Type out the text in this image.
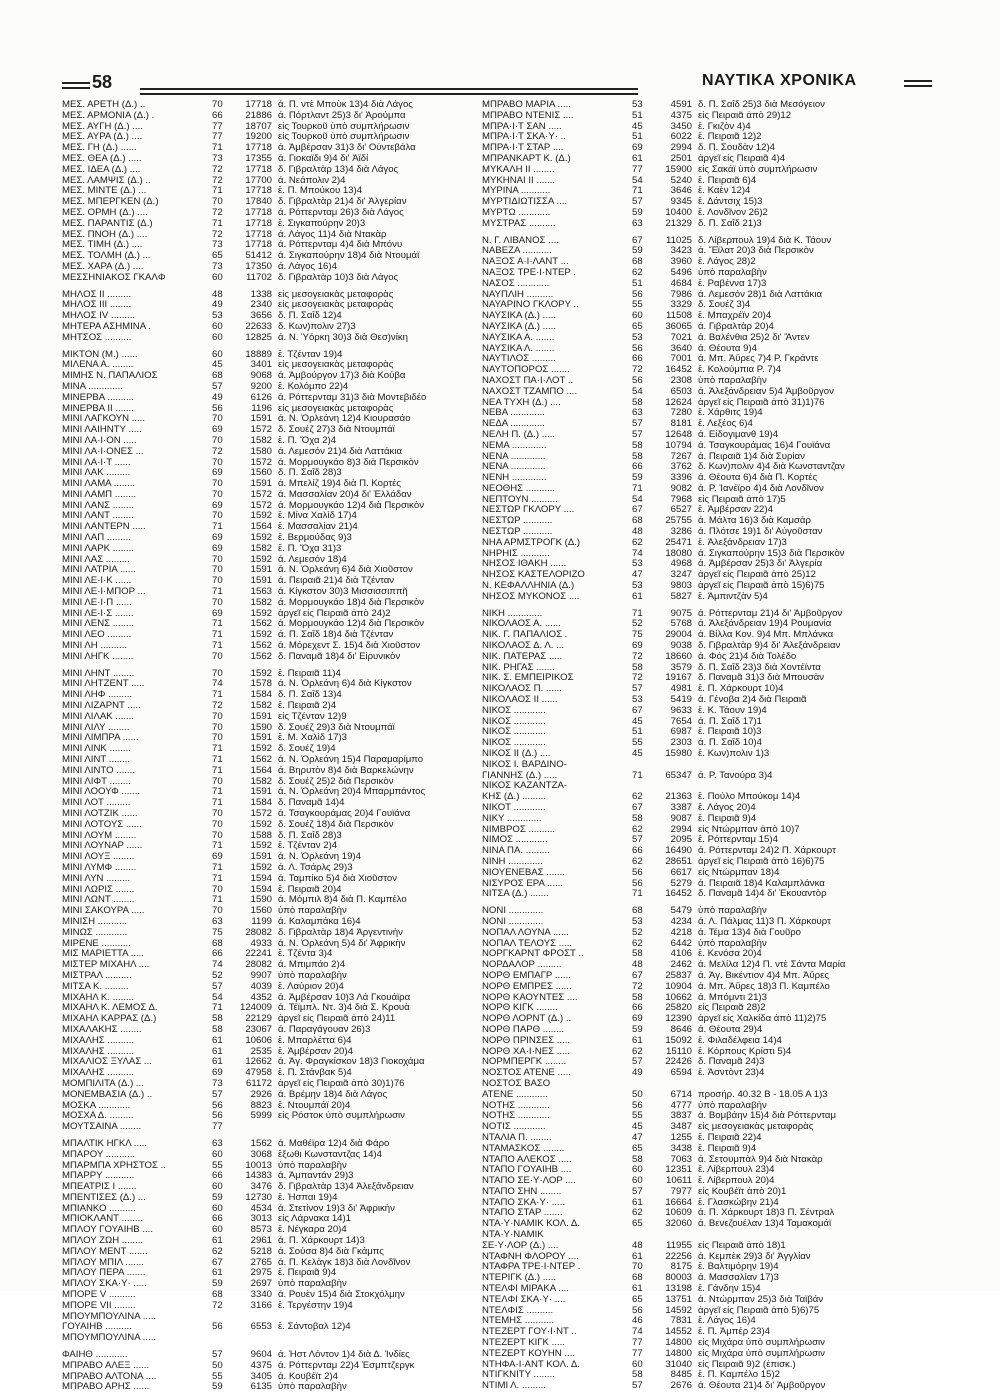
58	ΝΑΥΤΙΚΑ ΧΡΟΝΙΚΑ
ΜΕΣ. ΑΡΕΤΗ (Δ.) ..	70	17718 ά. Π. ντὲ Μποὺκ 13)4 διὰ Λάγος
ΜΕΣ. ΑΡΜΟΝΙΑ (Δ.) .	66	21886 ά. Πόρτλαντ 25)3 δι' Ἀρούμπα
ΜΕΣ. ΑΥΓΗ (Δ.) ....	77	18707 εἰς Τουρκοῦ ὑπὸ συμπλήρωσιν
ΜΕΣ. ΑΥΡΑ (Δ.) ....	77	19200 εἰς Τουρκοῦ ὑπὸ συμπλήρωσιν
ΜΕΣ. ΓΗ (Δ.) ......	71	17718 ά. Ἀμβέρσαν 31)3 δι' Οὐντεβάλα
ΜΕΣ. ΘΕΑ (Δ.) .....	73	17355 ά. Γιοκαϊδι 9)4 δι' Ἀϊδί
ΜΕΣ. ΙΔΕΑ (Δ.) ....	72	17718 δ. Γιβραλτὰρ 13)4 διὰ Λάγος
ΜΕΣ. ΛΑΜΨΙΣ (Δ.) ..	72	17700 ά. Νεάπολιν 2)4
ΜΕΣ. ΜΙΝΤΕ (Δ.) ...	71	17718 ἔ. Π. Μπούκου 13)4
ΜΕΣ. ΜΠΕΡΓΚΕΝ (Δ.)	70	17840 δ. Γιβραλτὰρ 21)4 δι' Ἀλγερίαν
ΜΕΣ. ΟΡΜΗ (Δ.) ....	72	17718 ά. Ρόττερνταμ 26)3 διὰ Λάγος
ΜΕΣ. ΠΑΡΑΝΤΙΣ (Δ.)	71	17718 ἔ. Σιγκαπούρην 20)3
ΜΕΣ. ΠΝΟΗ (Δ.) ....	72	17718 ά. Λάγος 11)4 διὰ Ντακὰρ
ΜΕΣ. ΤΙΜΗ (Δ.) ....	73	17718 ά. Ρόττερνταμ 4)4 διὰ Μπόνυ
ΜΕΣ. ΤΟΛΜΗ (Δ.) ...	65	51412 ά. Σιγκαπούρην 18)4 διὰ Ντουμάϊ
ΜΕΣ. ΧΑΡΑ (Δ.) ....	73	17350 ά. Λάγος 16)4
ΜΕΣΣΗΝΙΑΚΟΣ ΓΚΑΛΦ	60	11702 δ. Γιβραλτὰρ 10)3 διὰ Λάγος
ΜΗΛΟΣ ΙΙ .........	48	1338 εἰς μεσογειακὰς μεταφορὰς
ΜΗΛΟΣ ΙΙΙ ........	49	2340 εἰς μεσογειακὰς μεταφορὰς
ΜΗΛΟΣ ΙV .........	53	3656 δ. Π. Σαΐδ 12)4
ΜΗΤΕΡΑ ΑΣΗΜΙΝΑ .	60	22633 δ. Κων)πολιν 27)3
ΜΗΤΣΟΣ ..........	60	12825 ά. Ν. Ὑόρκη 30)3 διὰ Θεσ)νίκη
ΜΙΚΤΟΝ (Μ.) ......	60	18889 ἔ. Τζένταν 19)4
ΜΙΛΕΝΑ Α. ........	45	3401 εἰς μεσογειακὰς μεταφορὰς
ΜΙΜΗΣ Ν. ΠΑΠΑΛΙΟΣ	68	9068 ά. Ἀμβούργον 17)3 διὰ Κούβα
ΜΙΝΑ .............	57	9200 ἔ. Κολόμπο 22)4
ΜΙΝΕΡΒΑ ..........	49	6126 ά. Ρόττερνταμ 31)3 διὰ Μοντεβιδέο
ΜΙΝΕΡΒΑ ΙΙ .......	56	1196 εἰς μεσογειακὰς μεταφορὰς
ΜΙΝΙ ΛΑΓΚΟΥΝ .....	70	1591 ά. Ν. Ὀρλεάνη 12)4 Κιουρασάο
ΜΙΝΙ ΛΑΙΗΝΤΥ .....	69	1572 δ. Σουέζ 27)3 διὰ Ντουμπάϊ
ΜΙΝΙ ΛΑ·Ι·ΟΝ .....	70	1582 ἔ. Π. Ὄχα 2)4
ΜΙΝΙ ΛΑ·Ι·ΟΝΕΣ ...	72	1580 ά. Λεμεσόν 21)4 διὰ Λαττάκια
ΜΙΝΙ ΛΑ·Ι·Τ ......	70	1572 ά. Μορμουγκάο 8)3 διὰ Περσικὸν
ΜΙΝΙ ΛΑΚ .........	69	1560 δ. Π. Σαΐδ 28)3
ΜΙΝΙ ΛΑΜΑ ........	70	1591 ά. Μπελίζ 19)4 διὰ Π. Κορτές
ΜΙΝΙ ΛΑΜΠ ........	70	1572 ά. Μασσαλίαν 20)4 δι' Ἑλλάδαν
ΜΙΝΙ ΛΑΝΣ ........	69	1572 ά. Μορμουγκάο 12)4 διὰ Περσικὸν
ΜΙΝΙ ΛΑΝΤ ........	70	1592 ἔ. Μίνα Χαλὶδ 17)4
ΜΙΝΙ ΛΑΝΤΕΡΝ .....	71	1564 ἔ. Μασσαλίαν 21)4
ΜΙΝΙ ΛΑΠ .........	69	1592 ἔ. Βερμούδας 9)3
ΜΙΝΙ ΛΑΡΚ ........	69	1582 ἔ. Π. Ὄχα 31)3
ΜΙΝΙ ΛΑΣ .........	70	1592 ά. Λεμεσόν 18)4
ΜΙΝΙ ΛΑΤΡΙΑ ......	70	1591 ά. Ν. Ὀρλεάνη 6)4 διὰ Χιοῦστον
ΜΙΝΙ ΛΕ·Ι·Κ ......	70	1591 ά. Πειραιᾶ 21)4 διὰ Τζένταν
ΜΙΝΙ ΛΕ·Ι·ΜΠΟΡ ...	71	1563 ά. Κίγκστον 30)3 Μισσισσιππῆ
ΜΙΝΙ ΛΕ·Ι·Π ......	70	1582 ά. Μορμουγκάο 18)4 διὰ Περσικὸν
ΜΙΝΙ ΛΕ·Ι·Σ .......	69	1592 ἀργεῖ εἰς Πειραιᾶ ἀπὸ 24)2
ΜΙΝΙ ΛΕΝΣ ........	71	1562 ά. Μορμουγκάο 12)4 διὰ Περσικὸν
ΜΙΝΙ ΛΕΟ .........	71	1592 ά. Π. Σαΐδ 18)4 διὰ Τζένταν
ΜΙΝΙ ΛΗ ..........	71	1562 ά. Μόρεχεντ Σ. 15)4 διὰ Χιοῦστον
ΜΙΝΙ ΛΗΓΚ ........	70	1562 δ. Παναμᾶ 18)4 δι' Εἰρυνικὸν
ΜΙΝΙ ΛΗΝΤ ........	70	1592 ἔ. Πειραιᾶ 11)4
ΜΙΝΙ ΛΗΤΖΕΝΤ .....	74	1578 ά. Ν. Ὀρλεάνη 6)4 διὰ Κίγκστον
ΜΙΝΙ ΛΗΦ .........	71	1584 δ. Π. Σαΐδ 13)4
ΜΙΝΙ ΛΙΖΑΡΝΤ .....	72	1582 ἔ. Πειραιᾶ 2)4
ΜΙΝΙ ΛΙΛΑΚ .......	70	1591 εἰς Τζένταν 12)9
ΜΙΝΙ ΛΙΛΥ ........	70	1590 δ. Σουέζ 29)3 διὰ Ντουμπάϊ
ΜΙΝΙ ΛΙΜΠΡΑ ......	70	1591 ἔ. Μ. Χαλὶδ 17)3
ΜΙΝΙ ΛΙΝΚ ........	71	1592 δ. Σουέζ 19)4
ΜΙΝΙ ΛΙΝΤ ........	71	1562 ά. Ν. Ὀρλεάνη 15)4 Παραμαρίμπο
ΜΙΝΙ ΛΙΝΤΟ .......	71	1564 ά. Βηρυτὸν 8)4 διὰ Βαρκελώνην
ΜΙΝΙ ΛΙΦΤ ........	70	1582 δ. Σουέζ 25)2 διὰ Περσικὸν
ΜΙΝΙ ΛΟΟΥΦ .......	71	1591 ά. Ν. Ὀρλεάνη 20)4 Μπαρμπάντος
ΜΙΝΙ ΛΟΤ .........	71	1584 δ. Παναμᾶ 14)4
ΜΙΝΙ ΛΟΤΖΙΚ ......	70	1572 ά. Τσαγκουράμας 20)4 Γουϊάνα
ΜΙΝΙ ΛΟΤΟΥΣ ......	70	1592 δ. Σουέζ 18)4 διὰ Περσικὸν
ΜΙΝΙ ΛΟΥΜ ........	70	1588 δ. Π. Σαΐδ 28)3
ΜΙΝΙ ΛΟΥΝΑΡ ......	71	1592 ἔ. Τζένταν 2)4
ΜΙΝΙ ΛΟΥΞ ........	69	1591 ά. Ν. Ὀρλεάνη 19)4
ΜΙΝΙ ΛΥΜΦ ........	71	1592 ά. Λ. Τσάρλς 29)3
ΜΙΝΙ ΛΥΝ .........	71	1594 ά. Ταμπίκο 5)4 διὰ Χιοῦστον
ΜΙΝΙ ΛΩΡΙΣ .......	70	1594 ἔ. Πειραιᾶ 20)4
ΜΙΝΙ ΛΩΝΤ ........	71	1590 ά. Μόμπιλ 8)4 διὰ Π. Καμπέλο
ΜΙΝΙ ΣΑΚΟΥΡΑ .....	70	1560 ὑπὸ παραλαβὴν
ΜΙΝΙΣΗ ...........	63	1199 ά. Καλαμπάκα 16)4
ΜΙΝΩΣ ............	75	28082 δ. Γιβραλτὰρ 18)4 Ἀργεντινὴν
ΜΙΡΕΝΕ ...........	68	4933 ά. Ν. Ὀρλεάνη 5)4 δι' Ἀφρικὴν
ΜΙΣ ΜΑΡΙΕΤΤΑ .....	66	22241 ἔ. Τζέντα 3)4
ΜΙΣΤΕΡ ΜΙΧΑΗΛ ....	74	28082 ά. Μπιμπάο 2)4
ΜΙΣΤΡΑΛ ..........	52	9907 ὑπὸ παραλαβὴν
ΜΙΤΣΑ Κ. .........	57	4039 ἔ. Λαύριον 20)4
ΜΙΧΑΗΛ Κ. ........	54	4352 ά. Ἀμβέρσαν 10)3 Λά Γκουάϊρα
ΜΙΧΑΗΛ Κ. ΛΕΜΟΣ Δ.	71	124009 ά. Τέϊμπλ. Ντ. 3)4 διὰ Σ. Κρουὰ
ΜΙΧΑΗΛ ΚΑΡΡΑΣ (Δ.)	58	22129 ἀργεῖ εἰς Πειραιᾶ ἀπὸ 24)11
ΜΙΧΑΛΑΚΗΣ ........	58	23067 ά. Παραγάγουαν 26)3
ΜΙΧΑΛΗΣ ..........	61	10606 ἔ. Μπαρλέττα 6)4
ΜΙΧΑΛΗΣ ..........	61	2535 ἔ. Ἀμβέρσαν 20)4
ΜΙΧΑΛΙΟΣ ΞΥΛΑΣ ...	61	12662 ά. Ἀγ. Φραγκίσκον 18)3 Γιοκοχάμα
ΜΙΧΑΛΗΣ ..........	69	47958 ἔ. Π. Στάνβακ 5)4
ΜΟΜΠΙΛΙΤΑ (Δ.) ...	73	61172 ἀργεῖ εἰς Πειραιᾶ ἀπὸ 30)1)76
ΜΟΝΕΜΒΑΣΙΑ (Δ.) ..	57	2926 ά. Βρέμην 18)4 διὰ Λάγος
ΜΟΣΚΑ ............	56	8823 ἔ. Ντουμπάϊ 20)4
ΜΟΣΧΑ Δ. .........	56	5999 εἰς Ρόστοκ ὑπὸ συμπλήρωσιν
ΜΟΥΤΣΑΙΝΑ ........	77
ΜΠΑΛΤΙΚ ΗΓΚΛ .....	63	1562 ά. Μαθέϊρα 12)4 διὰ Φάρο
ΜΠΑΡΟΥ ...........	60	3068 ἔξωθι Κωνσταντζας 14)4
ΜΠΑΡΜΠΑ ΧΡΗΣΤΟΣ ..	55	10013 ὑπὸ παραλαβὴν
ΜΠΑΡΡΥ ...........	66	14383 ά. Ἀμπαντάν 29)3
ΜΠΕΑΤΡΙΣ Ι .......	60	3476 δ. Γιβραλτὰρ 13)4 Ἀλεξάνδρειαν
ΜΠΕΝΤΙΣΕΣ (Δ.) ...	59	12730 ἔ. Ἠσπαι 19)4
ΜΠΙΑΝΚΟ ..........	60	4534 ά. Στετίνον 19)3 δι' Ἀφρικὴν
ΜΠΙΟΚΛΑΝΤ ........	66	3013 εἰς Λάρνακα 14)1
ΜΠΛΟΥ ΓΟΥΑΙΗΒ ....	60	8573 ἔ. Νέγκαρα 20)4
ΜΠΛΟΥ ΖΩΗ ........	61	2961 ά. Π. Χάρκουρτ 14)3
ΜΠΛΟΥ ΜΕΝΤ .......	62	5218 ά. Σούσα 8)4 διὰ Γκάμπς
ΜΠΛΟΥ ΜΠΙΛ .......	67	2765 ά. Π. Κελὰγκ 18)3 διὰ Λονδῖνον
ΜΠΛΟΥ ΠΕΡΑ .......	61	2975 ἔ. Πειραιᾶ 9)4
ΜΠΛΟΥ ΣΚΑ·Υ· .....	59	2697 ὑπὸ παραλαβὴν
ΜΠΟΡΕ V ..........	68	3340 ά. Ρουὲν 15)4 διὰ Στοκχόλμην
ΜΠΟΡΕ VII ........	72	3166 ἔ. Τεργέστην 19)4
ΜΠΟΥΜΠΟΥΛΙΝΑ .....
ΓΟΥΑΙΗΒ ..........	56	6553 ἔ. Σάντοβαλ 12)4
ΜΠΟΥΜΠΟΥΛΙΝΑ .....
ΦΑΙΗΘ ............	57	9604 ά. Ἠστ Λόντον 1)4 διὰ Δ. Ἰνδίες
ΜΠΡΑΒΟ ΑΛΕΞ ......	50	4375 ά. Ρόττερνταμ 22)4 Ἐσμπτζεργκ
ΜΠΡΑΒΟ ΑΛΤΟΝΑ ....	55	3405 ά. Κουβέϊτ 2)4
ΜΠΡΑΒΟ ΑΡΗΣ ......	59	6135 ὑπὸ παραλαβὴν
ΜΠΡΑΒΟ ΜΑΡΙΑ .....	53	4591 δ. Π. Σαΐδ 25)3 διὰ Μεσόγειον
ΜΠΡΑΒΟ ΝΤΕΝΙΣ ....	51	4375 εἰς Πειραιᾶ ἀπὸ 29)12
ΜΠΡΑ·Ι·Τ ΣΑΝ .....	45	3450 ἔ. Γκιζὸν 4)4
ΜΠΡΑ·Ι·Τ ΣΚΑ·Υ· ..	51	6022 ἔ. Πειραιᾶ 12)2
ΜΠΡΑ·Ι·Τ ΣΤΑΡ ....	69	2994 δ. Π. Σουδὰν 12)4
ΜΠΡΑΝΚΑΡΤ Κ. (Δ.)	61	2501 ἀργεῖ εἰς Πειραιᾶ 4)4
ΜΥΚΑΛΗ ΙΙ ........	77	15900 εἰς Σακάϊ ὑπὸ συμπλήρωσιν
ΜΥΚΗΝΑΙ ΙΙ .......	54	5240 ἔ. Πειραιᾶ 6)4
ΜΥΡΙΝΑ ...........	71	3646 ἔ. Καὲν 12)4
ΜΥΡΤΙΔΙΩΤΙΣΣΑ ....	57	9345 ἔ. Δάντσιχ 15)3
ΜΥΡΤΩ ............	59	10400 ἔ. Λονδῖνον 26)2
ΜΥΣΤΡΑΣ ..........	63	21329 δ. Π. Σαΐδ 21)3
Ν. Γ. ΛΙΒΑΝΟΣ ....	67	11025 δ. Λίβερπουλ 19)4 διὰ Κ. Τάουν
ΝΑΒΕΖΑ ...........	59	3423 ά. Ἔϊλατ 20)3 διὰ Περσικὸν
ΝΑΞΟΣ Α·Ι·ΛΑΝΤ ...	68	3960 ἔ. Λάγος 28)2
ΝΑΞΟΣ ΤΡΕ·Ι·ΝΤΕΡ .	62	5496 ὑπὸ παραλαβὴν
ΝΑΣΟΣ ............	51	4684 ἔ. Ραβέννα 17)3
ΝΑΥΠΛΙΗ ..........	56	7986 ά. Λεμεσόν 28)1 διὰ Λαττάκια
ΝΑΥΑΡΙΝΟ ΓΚΛΟΡΥ ..	55	3329 δ. Σουέζ 3)4
ΝΑΥΣΙΚΑ (Δ.) .....	60	11508 ἔ. Μπαχρέϊν 20)4
ΝΑΥΣΙΚΑ (Δ.) .....	65	36065 ά. Γιβραλτὰρ 20)4
ΝΑΥΣΙΚΑ Α. .......	53	7021 ά. Βαλένθια 25)2 δι' Ἄντεν
ΝΑΥΣΙΚΑ Λ. .......	56	3640 ά. Θέουτα 9)4
ΝΑΥΤΙΛΟΣ .........	66	7001 ά. Μπ. Ἀΰρες 7)4 Ρ. Γκράντε
ΝΑΥΤΟΠΟΡΟΣ .......	72	16452 ἔ. Κολούμπια Ρ. 7)4
ΝΑΧΟΣΤ ΠΑ·Ι·ΛΟΤ ..	56	2308 ὑπὸ παραλαβὴν
ΝΑΧΟΣΤ ΤΖΑΜΠΟ ....	54	6503 ά. Ἀλεξάνδρειαν 5)4 Ἀμβοῦργον
ΝΕΑ ΤΥΧΗ (Δ.) ....	58	12624 ἀργεῖ εἰς Πειραιᾶ ἀπὸ 31)1)76
ΝΕΒΑ .............	63	7280 ἔ. Χάρθιτς 19)4
ΝΕΔΑ .............	57	8181 ἔ. Λεξέος 6)4
ΝΕΛΗ Π. (Δ.) .....	57	12648 ά. Εἰδογιμανθ 19)4
ΝΕΜΑ .............	58	10794 ά. Τσαγκουράμας 16)4 Γουϊάνα
ΝΕΝΑ .............	58	7267 ά. Πειραιᾶ 1)4 διὰ Συρίαν
ΝΕΝΑ .............	66	3762 δ. Κων)πολιν 4)4 διὰ Κωνσταντζαν
ΝΕΝΗ .............	59	3396 ά. Θέουτα 6)4 διὰ Π. Κορτές
ΝΕΟΘΗΣ ...........	71	9082 ά. Ρ. Ἰανέϊρο 4)4 διὰ Λονδῖνον
ΝΕΠΤΟΥΝ ..........	54	7968 εἰς Πειραιᾶ ἀπὸ 17)5
ΝΕΣΤΩΡ ΓΚΛΟΡΥ ....	67	6527 ἔ. Ἀμβέρσαν 22)4
ΝΕΣΤΩΡ ...........	68	25755 ά. Μάλτα 16)3 διὰ Καμσάρ
ΝΕΣΤΩΡ ...........	48	3286 ά. Πλότσε 19)1 δι' Αὐγοῦσταν
ΝΗΑ ΑΡΜΣΤΡΟΓΚ (Δ.)	62	25471 ἔ. Ἀλεξάνδρειαν 17)3
ΝΗΡΗΙΣ ...........	74	18080 ά. Σιγκαπούρην 15)3 διὰ Περσικὸν
ΝΗΣΟΣ ΙΘΑΚΗ ......	53	4968 ά. Ἀμβέρσαν 25)3 δι' Ἀλγερία
ΝΗΣΟΣ ΚΑΣΤΕΛΟΡΙΖΟ	47	3247 ἀργεῖ εἰς Πειραιᾶ ἀπὸ 25)12
Ν. ΚΕΦΑΛΛΗΝΙΑ (Δ.)	53	9803 ἀργεῖ εἰς Πειραιᾶ ἀπὸ 15)6)75
ΝΗΣΟΣ ΜΥΚΟΝΟΣ ....	61	5827 ἔ. Ἀμπιντζὰν 5)4
ΝΙΚΗ .............	71	9075 ά. Ρόττερνταμ 21)4 δι' Ἀμβοῦργον
ΝΙΚΟΛΑΟΣ Α. ......	52	5768 ά. Ἀλεξάνδρειαν 19)4 Ρουμανία
ΝΙΚ. Γ. ΠΑΠΑΛΙΟΣ .	75	29004 ά. Βίλλα Κον. 9)4 Μπ. Μπλάνκα
ΝΙΚΟΛΑΟΣ Δ. Λ. ...	69	9038 δ. Γιβραλτὰρ 9)4 δι' Ἀλεξάνδρειαν
ΝΙΚ. ΠΑΤΕΡΑΣ .....	72	18660 ά. Φός 21)4 διὰ Τολέδο
ΝΙΚ. ΡΗΓΑΣ .......	58	3579 δ. Π. Σαΐδ 23)3 διὰ Χοντέϊντα
ΝΙΚ. Σ. ΕΜΠΕΙΡΙΚΟΣ	72	19167 δ. Παναμᾶ 31)3 διὰ Μπουσὰν
ΝΙΚΟΛΑΟΣ Π. ......	57	4981 ἔ. Π. Χάρκουρτ 10)4
ΝΙΚΟΛΑΟΣ ΙΙ ......	53	5419 ά. Γένοβα 2)4 διὰ Πειραιᾶ
ΝΙΚΟΣ ............	67	9633 ἔ. Κ. Τάουν 19)4
ΝΙΚΟΣ ............	45	7654 ά. Π. Σαΐδ 17)1
ΝΙΚΟΣ ............	51	6987 ἔ. Πειραιᾶ 10)3
ΝΙΚΟΣ ............	55	2303 ά. Π. Σαΐδ 10)4
ΝΙΚΟΣ ΙΙ (Δ.) ....	45	15980 ἔ. Κων)πολιν 1)3
ΝΙΚΟΣ Ι. ΒΑΡΔΙΝΟ-
ΓΙΑΝΝΗΣ (Δ.) .....	71	65347 ά. Ρ. Τανούρα 3)4
ΝΙΚΟΣ ΚΑΖΑΝΤΖΑ-
ΚΗΣ (Δ.) .........	62	21363 ἔ. Πούλο Μπούκομ 14)4
ΝΙΚΟΤ ............	67	3387 ἔ. Λάγος 20)4
ΝΙΚΥ .............	58	9087 ἔ. Πειραιᾶ 9)4
ΝΙΜΒΡΟΣ ..........	62	2994 εἰς Ντώρμπαν ἀπὸ 10)7
ΝΙΜΟΣ ............	57	2095 ἔ. Ρόττερνταμ 15)4
ΝΙΝΑ ΠΑ. .........	66	16490 ά. Ρόττερνταμ 24)2 Π. Χάρκουρτ
ΝΙΝΗ .............	62	28651 ἀργεῖ εἰς Πειραιᾶ ἀπὸ 16)6)75
ΝΙΟΥΕΝΕΒΑΣ .......	56	6617 εἰς Ντώρμπαν 18)4
ΝΙΣΥΡΟΣ ΕΡΑ ......	56	5279 ά. Πειραιᾶ 18)4 Καλαμπλάνκα
ΝΙΤΣΑ (Δ.) .......	71	16452 δ. Παναμᾶ 14)4 δι' Ἐκουαντὸρ
ΝΟΝΙ .............	68	5479 ὑπὸ παραλαβὴν
ΝΟΝΙ .............	53	4234 ά. Λ. Πάλμας 11)3 Π. Χάρκουρτ
ΝΟΠΑΛ ΛΟΥΝΑ ......	52	4218 ά. Τέμα 13)4 διὰ Γουῦρο
ΝΟΠΑΛ ΤΕΛΟΥΣ .....	62	6442 ὑπὸ παραλαβὴν
ΝΟΡΓΚΑΡΝΤ ΦΡΟΣΤ ..	58	4106 ἔ. Κενόσα 20)4
ΝΟΡΔΑΛΟΡ .........	48	2462 ά. Μελίλα 12)4 Π. ντὲ Σάντα Μαρία
ΝΟΡΘ ΕΜΠΑΓΡ ......	67	25837 ά. Ἀγ. Βικέντιον 4)4 Μπ. Ἀΰρες
ΝΟΡΘ ΕΜΠΡΕΣ ......	72	10904 ά. Μπ. Ἀΰρες 18)3 Π. Καμπέλο
ΝΟΡΘ ΚΑΟΥΝΤΕΣ ....	58	10662 ά. Μπόμντι 21)3
ΝΟΡΘ ΚΙΓΚ ........	66	25820 εἰς Πειραιᾶ 28)2
ΝΟΡΘ ΛΟΡΝΤ (Δ.) ..	69	12390 ἀργεῖ εἰς Χαλκίδα ἀπὸ 11)2)75
ΝΟΡΘ ΠΑΡΘ ........	59	8646 ά. Θέουτα 29)4
ΝΟΡΘ ΠΡΙΝΣΕΣ .....	61	15092 ἔ. Φιλαδέλφεια 14)4
ΝΟΡΘ ΧΑ·Ι·ΝΕΣ .....	62	15110 ἔ. Κόρπους Κρίστι 5)4
ΝΟΡΜΠΕΡΓΚ ........	57	22426 δ. Παναμᾶ 24)3
ΝΟΣΤΟΣ ΑΤΕΝΕ .....	49	6594 ἔ. Ἀσντὸντ 23)4
ΝΟΣΤΟΣ ΒΑΣΟ
ΑΤΕΝΕ ............	50	6714 προσήρ. 40.32 Β - 18.05 Α 1)3
ΝΟΤΗΣ ............	56	4777 ὑπὸ παραλαβὴν
ΝΟΤΗΣ ............	55	3837 ά. Βομβάην 15)4 διὰ Ρόττερνταμ
ΝΟΤΙΣ ............	45	3487 εἰς μεσογειακὰς μεταφορὰς
ΝΤΑΛΙΑ Π. ........	47	1255 ἔ. Πειραιᾶ 22)4
ΝΤΑΜΑΣΚΟΣ ........	65	3438 ἔ. Πειραιᾶ 9)4
ΝΤΑΠΟ ΑΛΕΚΟΣ .....	58	7063 ά. Σετουμπὰλ 9)4 διὰ Ντακὰρ
ΝΤΑΠΟ ΓΟΥΑΙΗΒ ....	60	12351 ἔ. Λίβερπουλ 23)4
ΝΤΑΠΟ ΣΕ·Υ·ΛΟΡ ....	60	10611 ἔ. Λίβερπουλ 20)4
ΝΤΑΠΟ ΣΗΝ ........	57	7977 εἰς Κουβέϊτ ἀπὸ 20)1
ΝΤΑΠΟ ΣΚΑ·Υ· .....	61	16664 ἔ. Γλασκώβην 21)4
ΝΤΑΠΟ ΣΤΑΡ .......	62	10609 ά. Π. Χάρκουρτ 18)3 Π. Σέντραλ
ΝΤΑ·Υ·ΝΑΜΙΚ ΚΟΛ. Δ.	65	32060 ά. Βενεζουέλαν 13)4 Ταμακομάϊ
ΝΤΑ·Υ·ΝΑΜΙΚ
ΣΕ·Υ·ΛΟΡ (Δ.) ....	48	11955 εἰς Πειραιᾶ ἀπὸ 18)1
ΝΤΑΦΝΗ ΦΛΟΡΟΥ ....	61	22256 ά. Κεμπὲκ 29)3 δι' Ἀγγλίαν
ΝΤΑΦΡΑ ΤΡΕ·Ι·ΝΤΕΡ .	70	8175 ἔ. Βαλτιμόρην 19)4
ΝΤΕΡΙΓΚ (Δ.) .....	68	80003 ά. Μασσαλίαν 17)3
ΝΤΕΛΦΙ ΜΙΡΑΚΑ ....	61	13198 ἔ. Γάνδην 15)4
ΝΤΕΛΦΙ ΣΚΑ·Υ· ....	65	13751 ά. Ντώρμπαν 25)3 διὰ Ταϊβάν
ΝΤΕΛΦΙΣ ..........	56	14592 ἀργεῖ εἰς Πειραιᾶ ἀπὸ 5)6)75
ΝΤΕΜΗΣ ...........	46	7831 ἔ. Λάγος 16)4
ΝΤΕΖΕΡΤ ΓΟΥ·Ι·ΝΤ ..	74	14552 ἔ. Π. Ἀμπέρ 23)4
ΝΤΕΖΕΡΤ ΚΙΓΚ .....	77	14800 εἰς Μιχάρα ὑπὸ συμπλήρωσιν
ΝΤΕΖΕΡΤ ΚΟΥΗΝ ....	77	14800 εἰς Μιχάρα ὑπὸ συμπλήρωσιν
ΝΤΗΦΑ·Ι·ΑΝΤ ΚΟΛ. Δ.	60	31040 εἰς Πειραιᾶ 9)2 (ἐπισκ.)
ΝΤΙΓΚΝΙΤΥ ........	58	8485 ἔ. Π. Καμπέλο 15)2
ΝΤΙΜΙ Λ. .........	57	2676 ά. Θέουτα 21)4 δι' Ἀμβοῦργον
